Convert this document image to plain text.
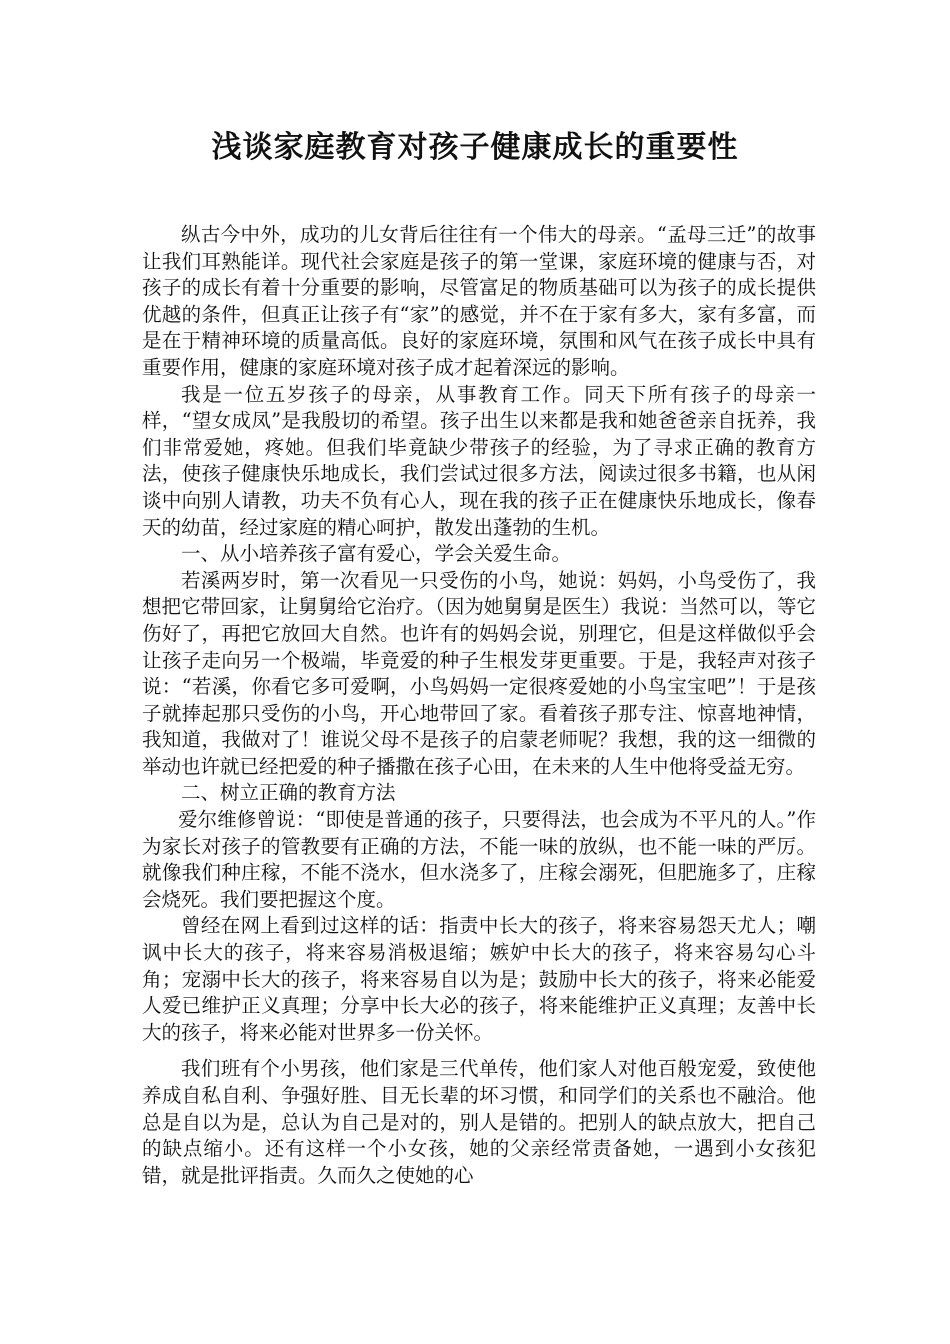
浅谈家庭教育对孩子健康成长的重要性

纵古今中外，成功的儿女背后往往有一个伟大的母亲。“孟母三迁”的故事让我们耳熟能详。现代社会家庭是孩子的第一堂课，家庭环境的健康与否，对孩子的成长有着十分重要的影响，尽管富足的物质基础可以为孩子的成长提供优越的条件，但真正让孩子有“家”的感觉，并不在于家有多大，家有多富，而是在于精神环境的质量高低。良好的家庭环境，氛围和风气在孩子成长中具有重要作用，健康的家庭环境对孩子成才起着深远的影响。

我是一位五岁孩子的母亲，从事教育工作。同天下所有孩子的母亲一样，“望女成凤”是我殷切的希望。孩子出生以来都是我和她爸爸亲自抚养，我们非常爱她，疼她。但我们毕竟缺少带孩子的经验，为了寻求正确的教育方法，使孩子健康快乐地成长，我们尝试过很多方法，阅读过很多书籍，也从闲谈中向别人请教，功夫不负有心人，现在我的孩子正在健康快乐地成长，像春天的幼苗，经过家庭的精心呵护，散发出蓬勃的生机。

一、从小培养孩子富有爱心，学会关爱生命。

若溪两岁时，第一次看见一只受伤的小鸟，她说：妈妈，小鸟受伤了，我想把它带回家，让舅舅给它治疗。（因为她舅舅是医生）我说：当然可以，等它伤好了，再把它放回大自然。也许有的妈妈会说，别理它，但是这样做似乎会让孩子走向另一个极端，毕竟爱的种子生根发芽更重要。于是，我轻声对孩子说：“若溪，你看它多可爱啊，小鸟妈妈一定很疼爱她的小鸟宝宝吧”！于是孩子就捧起那只受伤的小鸟，开心地带回了家。看着孩子那专注、惊喜地神情，我知道，我做对了！谁说父母不是孩子的启蒙老师呢？我想，我的这一细微的举动也许就已经把爱的种子播撒在孩子心田，在未来的人生中他将受益无穷。

二、树立正确的教育方法

爱尔维修曾说：“即使是普通的孩子，只要得法，也会成为不平凡的人。”作为家长对孩子的管教要有正确的方法，不能一味的放纵，也不能一味的严厉。就像我们种庄稼，不能不浇水，但水浇多了，庄稼会溺死，但肥施多了，庄稼会烧死。我们要把握这个度。

曾经在网上看到过这样的话：指责中长大的孩子，将来容易怨天尤人；嘲讽中长大的孩子，将来容易消极退缩；嫉妒中长大的孩子，将来容易勾心斗角；宠溺中长大的孩子，将来容易自以为是；鼓励中长大的孩子，将来必能爱人爱已维护正义真理；分享中长大必的孩子，将来能维护正义真理；友善中长大的孩子，将来必能对世界多一份关怀。

我们班有个小男孩，他们家是三代单传，他们家人对他百般宠爱，致使他养成自私自利、争强好胜、目无长辈的坏习惯，和同学们的关系也不融洽。他总是自以为是，总认为自己是对的，别人是错的。把别人的缺点放大，把自己的缺点缩小。还有这样一个小女孩，她的父亲经常责备她，一遇到小女孩犯错，就是批评指责。久而久之使她的心
